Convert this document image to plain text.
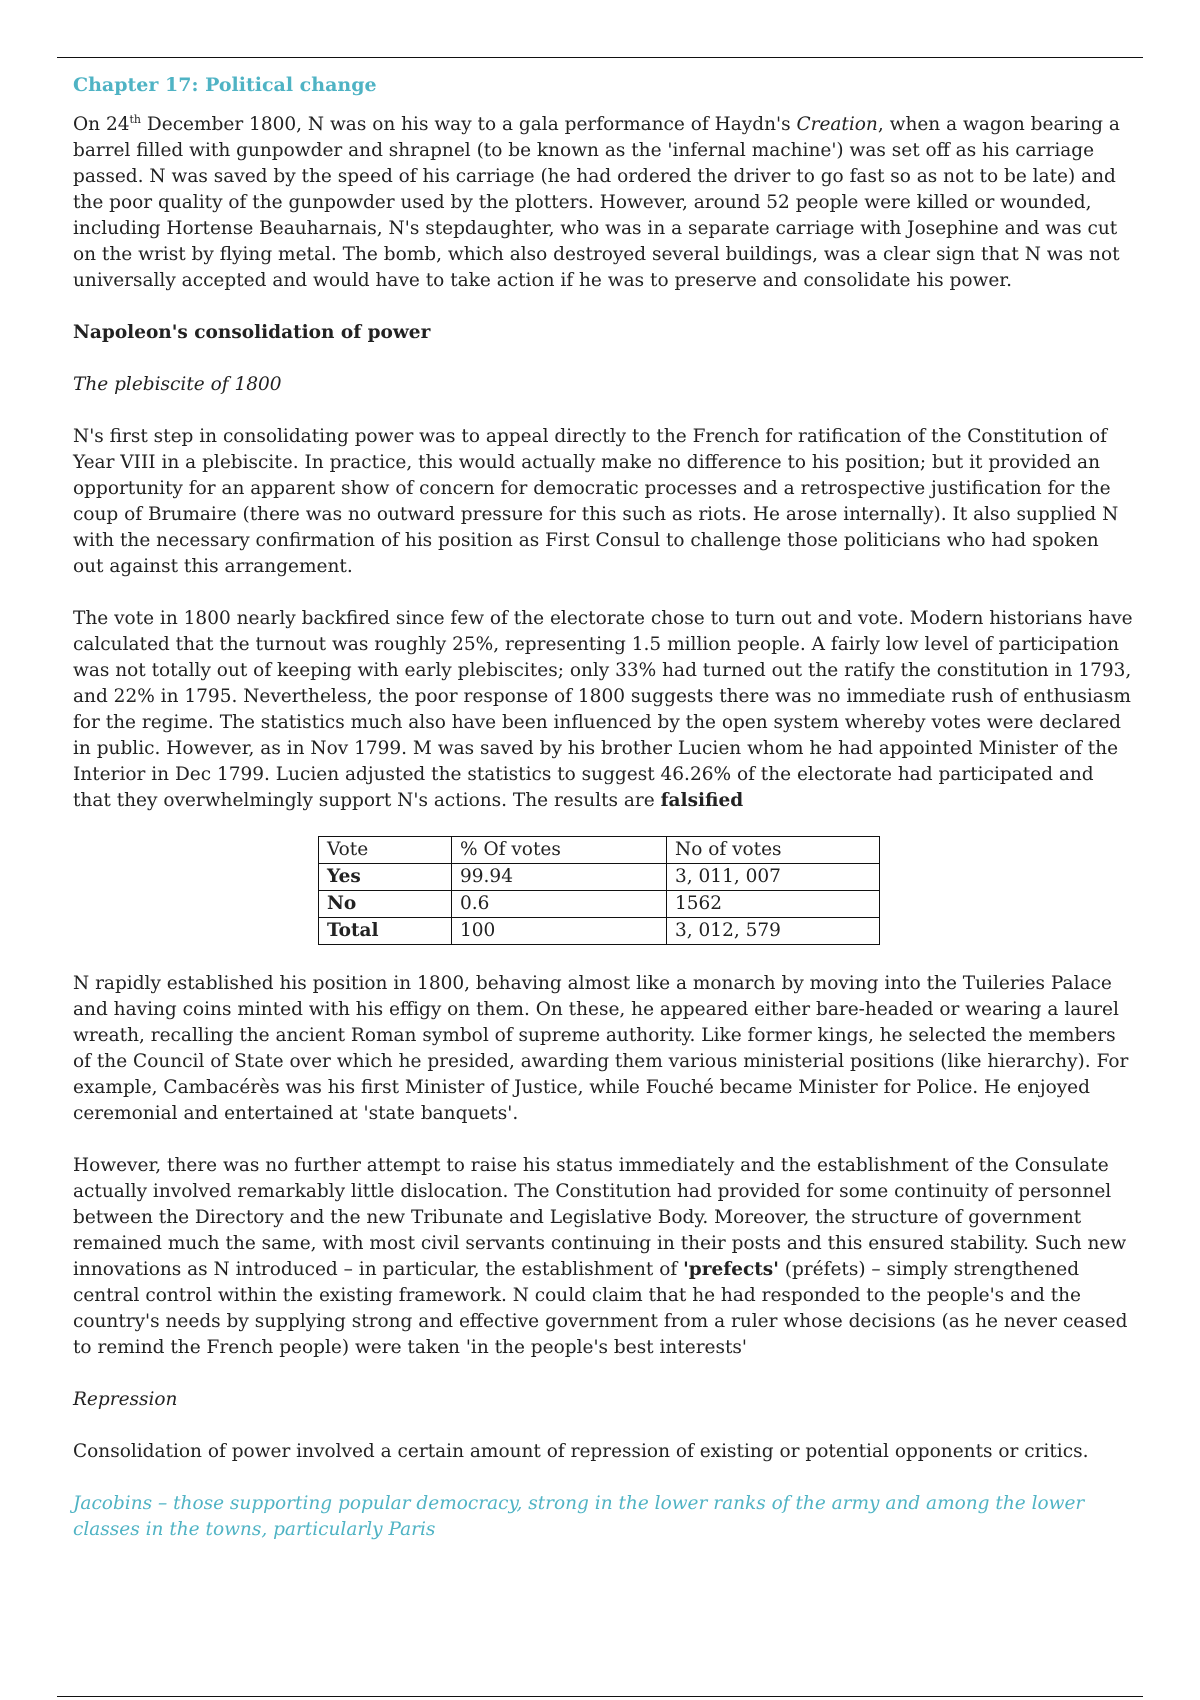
Chapter 17: Political change

On 24th December 1800, N was on his way to a gala performance of Haydn's Creation, when a wagon bearing a barrel filled with gunpowder and shrapnel (to be known as the 'infernal machine') was set off as his carriage passed. N was saved by the speed of his carriage (he had ordered the driver to go fast so as not to be late) and the poor quality of the gunpowder used by the plotters. However, around 52 people were killed or wounded, including Hortense Beauharnais, N's stepdaughter, who was in a separate carriage with Josephine and was cut on the wrist by flying metal. The bomb, which also destroyed several buildings, was a clear sign that N was not universally accepted and would have to take action if he was to preserve and consolidate his power.

Napoleon's consolidation of power
The plebiscite of 1800

N's first step in consolidating power was to appeal directly to the French for ratification of the Constitution of Year VIII in a plebiscite. In practice, this would actually make no difference to his position; but it provided an opportunity for an apparent show of concern for democratic processes and a retrospective justification for the coup of Brumaire (there was no outward pressure for this such as riots. He arose internally). It also supplied N with the necessary confirmation of his position as First Consul to challenge those politicians who had spoken out against this arrangement.

The vote in 1800 nearly backfired since few of the electorate chose to turn out and vote. Modern historians have calculated that the turnout was roughly 25%, representing 1.5 million people. A fairly low level of participation was not totally out of keeping with early plebiscites; only 33% had turned out the ratify the constitution in 1793, and 22% in 1795. Nevertheless, the poor response of 1800 suggests there was no immediate rush of enthusiasm for the regime. The statistics much also have been influenced by the open system whereby votes were declared in public. However, as in Nov 1799. M was saved by his brother Lucien whom he had appointed Minister of the Interior in Dec 1799. Lucien adjusted the statistics to suggest 46.26% of the electorate had participated and that they overwhelmingly support N's actions. The results are falsified

Vote	% Of votes	No of votes
Yes	99.94	3, 011, 007
No	0.6	1562
Total	100	3, 012, 579

N rapidly established his position in 1800, behaving almost like a monarch by moving into the Tuileries Palace and having coins minted with his effigy on them. On these, he appeared either bare-headed or wearing a laurel wreath, recalling the ancient Roman symbol of supreme authority. Like former kings, he selected the members of the Council of State over which he presided, awarding them various ministerial positions (like hierarchy). For example, Cambacérès was his first Minister of Justice, while Fouché became Minister for Police. He enjoyed ceremonial and entertained at 'state banquets'.

However, there was no further attempt to raise his status immediately and the establishment of the Consulate actually involved remarkably little dislocation. The Constitution had provided for some continuity of personnel between the Directory and the new Tribunate and Legislative Body. Moreover, the structure of government remained much the same, with most civil servants continuing in their posts and this ensured stability. Such new innovations as N introduced – in particular, the establishment of 'prefects' (préfets) – simply strengthened central control within the existing framework. N could claim that he had responded to the people's and the country's needs by supplying strong and effective government from a ruler whose decisions (as he never ceased to remind the French people) were taken 'in the people's best interests'

Repression

Consolidation of power involved a certain amount of repression of existing or potential opponents or critics.

Jacobins – those supporting popular democracy, strong in the lower ranks of the army and among the lower classes in the towns, particularly Paris
